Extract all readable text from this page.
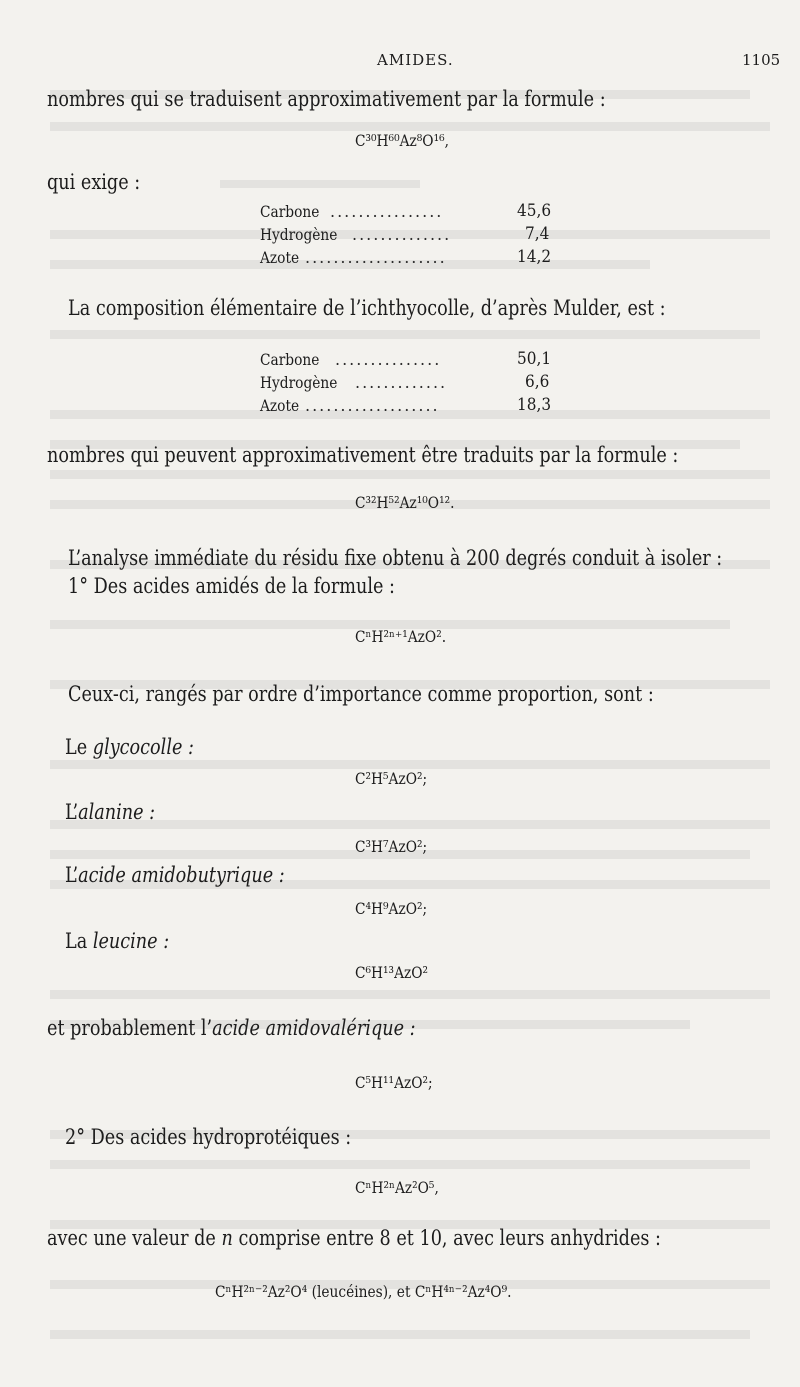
AMIDES.	1105
nombres qui se traduisent approximativement par la formule :
C³⁰H⁶⁰Az⁸O¹⁶,
qui exige :
Carbone ................	45,6
Hydrogène ..............	7,4
Azote ....................	14,2
La composition élémentaire de l’ichthyocolle, d’après Mulder, est :
Carbone ...............	50,1
Hydrogène .............	6,6
Azote ...................	18,3
nombres qui peuvent approximativement être traduits par la formule :
C³²H⁵²Az¹⁰O¹².
L’analyse immédiate du résidu fixe obtenu à 200 degrés conduit à isoler :
1° Des acides amidés de la formule :
CⁿH²ⁿ⁺¹AzO².
Ceux-ci, rangés par ordre d’importance comme proportion, sont :
Le glycocolle :
C²H⁵AzO²;
L’alanine :
C³H⁷AzO²;
L’acide amidobutyrique :
C⁴H⁹AzO²;
La leucine :
C⁶H¹³AzO²
et probablement l’acide amidovalérique :
C⁵H¹¹AzO²;
2° Des acides hydroprotéiques :
CⁿH²ⁿAz²O⁵,
avec une valeur de n comprise entre 8 et 10, avec leurs anhydrides :
CⁿH²ⁿ⁻²Az²O⁴ (leucéines), et CⁿH⁴ⁿ⁻²Az⁴O⁹.
